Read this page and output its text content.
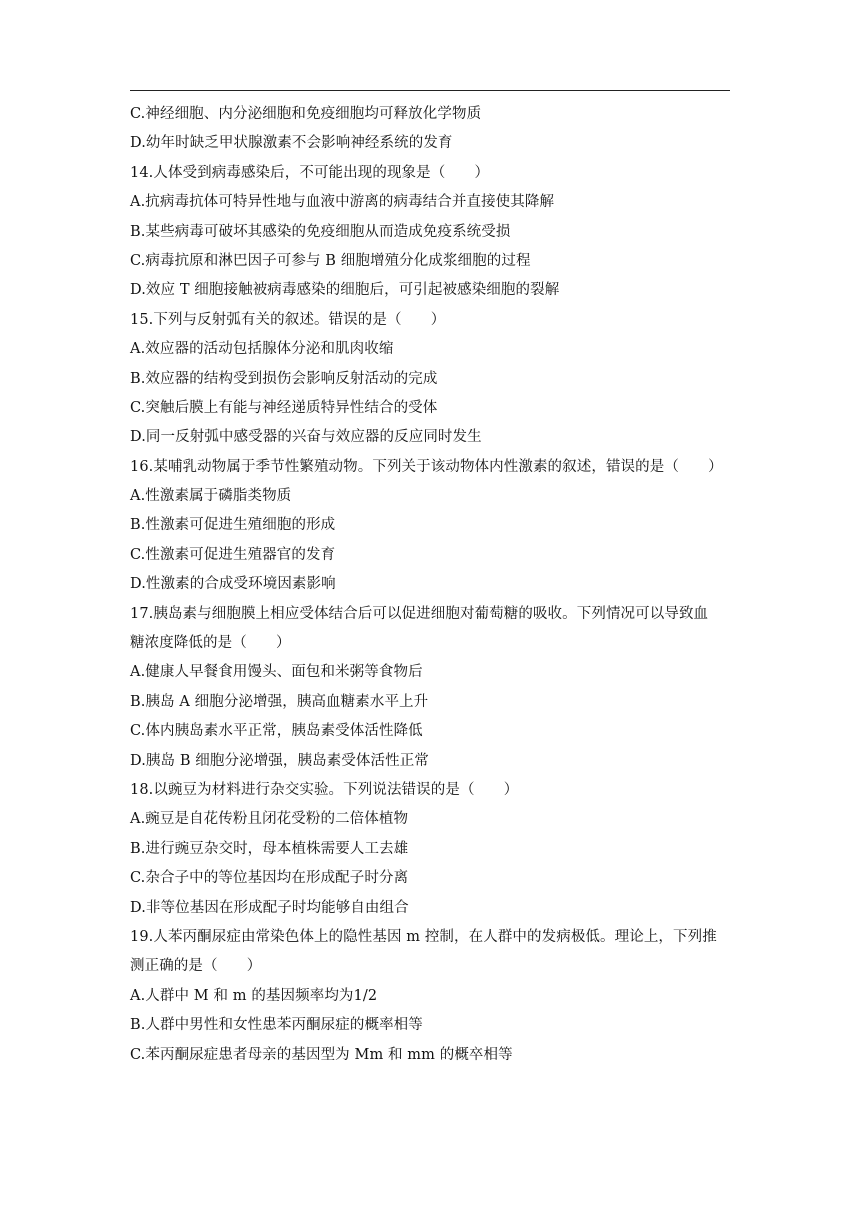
C.神经细胞、内分泌细胞和免疫细胞均可释放化学物质
D.幼年时缺乏甲状腺激素不会影响神经系统的发育
14.人体受到病毒感染后，不可能出现的现象是（　　）
A.抗病毒抗体可特异性地与血液中游离的病毒结合并直接使其降解
B.某些病毒可破坏其感染的免疫细胞从而造成免疫系统受损
C.病毒抗原和淋巴因子可参与 B 细胞增殖分化成浆细胞的过程
D.效应 T 细胞接触被病毒感染的细胞后，可引起被感染细胞的裂解
15.下列与反射弧有关的叙述。错误的是（　　）
A.效应器的活动包括腺体分泌和肌肉收缩
B.效应器的结构受到损伤会影响反射活动的完成
C.突触后膜上有能与神经递质特异性结合的受体
D.同一反射弧中感受器的兴奋与效应器的反应同时发生
16.某哺乳动物属于季节性繁殖动物。下列关于该动物体内性激素的叙述，错误的是（　　）
A.性激素属于磷脂类物质
B.性激素可促进生殖细胞的形成
C.性激素可促进生殖器官的发育
D.性激素的合成受环境因素影响
17.胰岛素与细胞膜上相应受体结合后可以促进细胞对葡萄糖的吸收。下列情况可以导致血
糖浓度降低的是（　　）
A.健康人早餐食用馒头、面包和米粥等食物后
B.胰岛 A 细胞分泌增强，胰高血糖素水平上升
C.体内胰岛素水平正常，胰岛素受体活性降低
D.胰岛 B 细胞分泌增强，胰岛素受体活性正常
18.以豌豆为材料进行杂交实验。下列说法错误的是（　　）
A.豌豆是自花传粉且闭花受粉的二倍体植物
B.进行豌豆杂交时，母本植株需要人工去雄
C.杂合子中的等位基因均在形成配子时分离
D.非等位基因在形成配子时均能够自由组合
19.人苯丙酮尿症由常染色体上的隐性基因 m 控制，在人群中的发病极低。理论上，下列推
测正确的是（　　）
A.人群中 M 和 m 的基因频率均为1/2
B.人群中男性和女性患苯丙酮尿症的概率相等
C.苯丙酮尿症患者母亲的基因型为 Mm 和 mm 的概卒相等
